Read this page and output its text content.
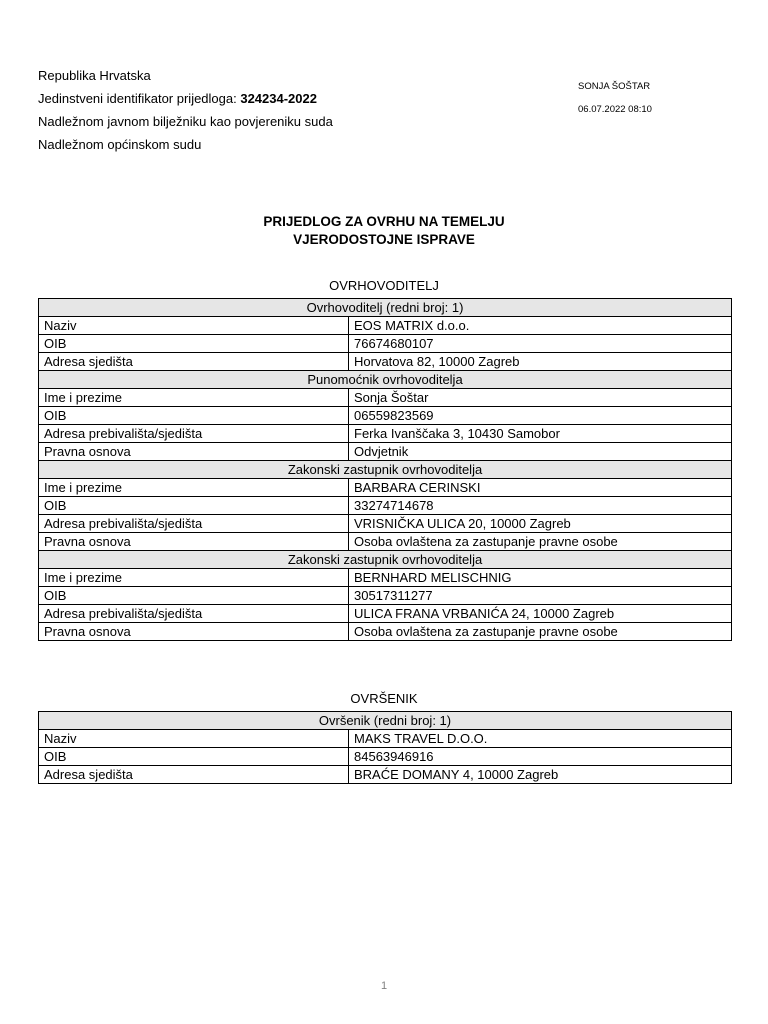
Republika Hrvatska
Jedinstveni identifikator prijedloga: 324234-2022
Nadležnom javnom bilježniku kao povjereniku suda
Nadležnom općinskom sudu
SONJA ŠOŠTAR
06.07.2022 08:10
PRIJEDLOG ZA OVRHU NA TEMELJU
VJERODOSTOJNE ISPRAVE
OVRHOVODITELJ
Ovrhovoditelj (redni broj: 1)	
Naziv	EOS MATRIX d.o.o.
OIB	76674680107
Adresa sjedišta	Horvatova 82, 10000 Zagreb
Punomoćnik ovrhovoditelja	
Ime i prezime	Sonja Šoštar
OIB	06559823569
Adresa prebivališta/sjedišta	Ferka Ivanščaka 3, 10430 Samobor
Pravna osnova	Odvjetnik
Zakonski zastupnik ovrhovoditelja	
Ime i prezime	BARBARA CERINSKI
OIB	33274714678
Adresa prebivališta/sjedišta	VRISNIČKA ULICA 20, 10000 Zagreb
Pravna osnova	Osoba ovlaštena za zastupanje pravne osobe
Zakonski zastupnik ovrhovoditelja	
Ime i prezime	BERNHARD MELISCHNIG
OIB	30517311277
Adresa prebivališta/sjedišta	ULICA FRANA VRBANIĆA 24, 10000 Zagreb
Pravna osnova	Osoba ovlaštena za zastupanje pravne osobe
OVRŠENIK
Ovršenik (redni broj: 1)	
Naziv	MAKS TRAVEL D.O.O.
OIB	84563946916
Adresa sjedišta	BRAĆE DOMANY 4, 10000 Zagreb
1
